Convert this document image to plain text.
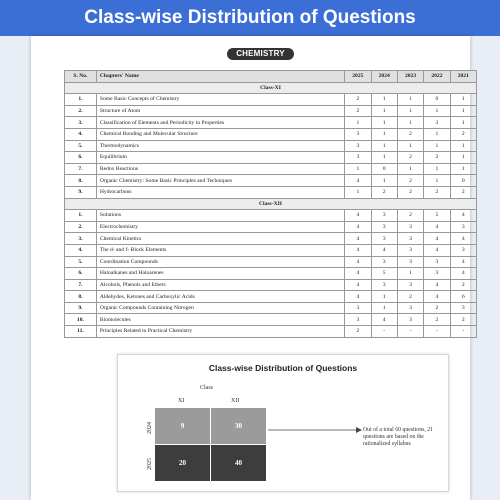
Class-wise Distribution of Questions
CHEMISTRY
S. No.	Chapters' Name	2025	2024	2023	2022	2021
Class-XI						
1.	Some Basic Concepts of Chemistry	2	1	1	0	1
2.	Structure of Atom	2	1	1	1	1
3.	Classification of Elements and Periodicity in Properties	1	1	1	3	1
4.	Chemical Bonding and Molecular Structure	3	1	2	1	2
5.	Thermodynamics	3	1	1	1	1
6.	Equilibrium	3	1	2	2	1
7.	Redox Reactions	1	0	1	1	1
8.	Organic Chemistry: Some Basic Principles and Techniques	4	1	2	1	0
9.	Hydrocarbons	1	2	2	2	2
Class-XII						
1.	Solutions	4	3	2	5	4
2.	Electrochemistry	4	3	3	4	3
3.	Chemical Kinetics	4	3	3	4	4
4.	The d- and f- Block Elements	4	4	3	4	3
5.	Coordination Compounds	4	3	3	3	4
6.	Haloalkanes and Haloarenes	4	5	1	3	4
7.	Alcohols, Phenols and Ethers	4	3	3	4	2
8.	Aldehydes, Ketones and Carboxylic Acids	4	1	2	4	6
9.	Organic Compounds Containing Nitrogen	3	1	3	2	3
10.	Biomolecules	3	4	3	2	2
11.	Principles Related to Practical Chemistry	2	-	-	-	-
Class-wise Distribution of Questions
Class
XI	XII
2024
2025
9	30
20	40
Out of a total 60 questions, 21 questions are based on the rationalized syllabus
